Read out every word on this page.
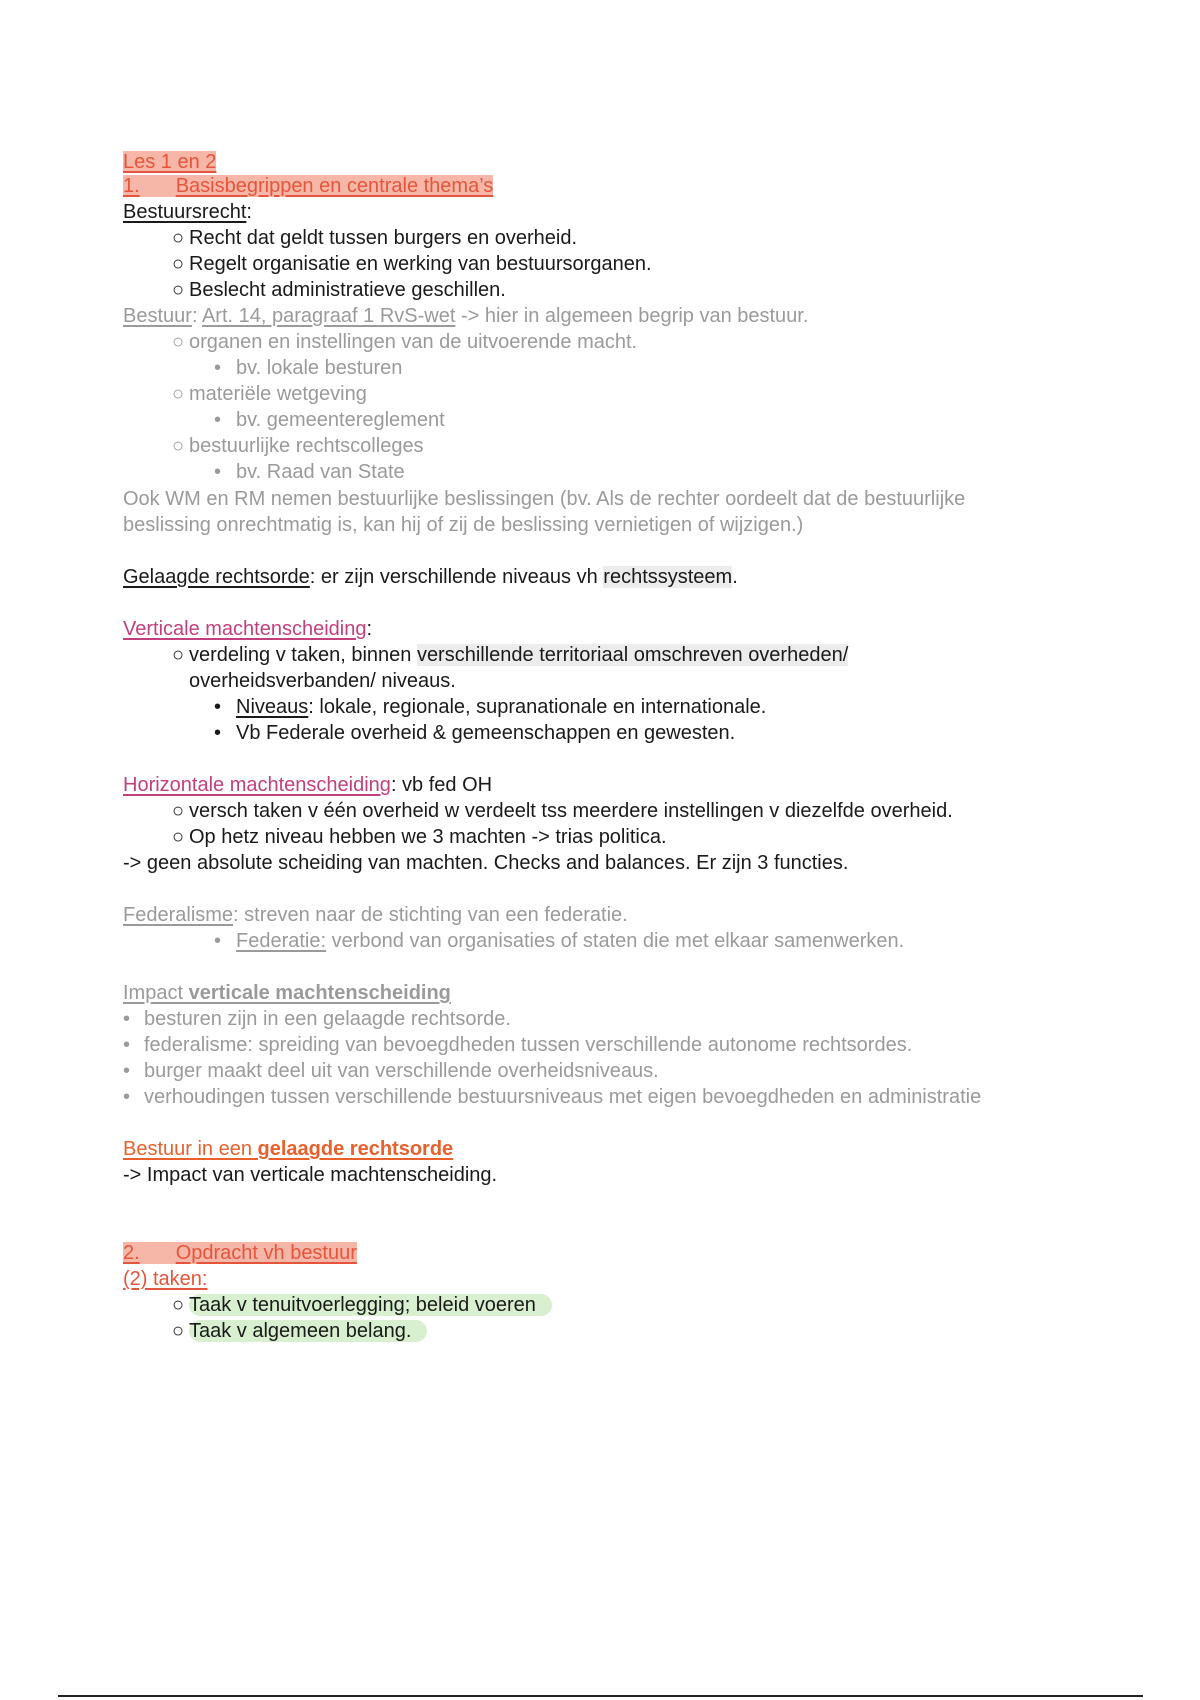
Les 1 en 2
1. Basisbegrippen en centrale thema’s
Bestuursrecht:
○ Recht dat geldt tussen burgers en overheid.
○ Regelt organisatie en werking van bestuursorganen.
○ Beslecht administratieve geschillen.
Bestuur: Art. 14, paragraaf 1 RvS-wet -> hier in algemeen begrip van bestuur.
○ organen en instellingen van de uitvoerende macht.
• bv. lokale besturen
○ materiële wetgeving
• bv. gemeentereglement
○ bestuurlijke rechtscolleges
• bv. Raad van State
Ook WM en RM nemen bestuurlijke beslissingen (bv. Als de rechter oordeelt dat de bestuurlijke
beslissing onrechtmatig is, kan hij of zij de beslissing vernietigen of wijzigen.)
Gelaagde rechtsorde: er zijn verschillende niveaus vh rechtssysteem.
Verticale machtenscheiding:
○ verdeling v taken, binnen verschillende territoriaal omschreven overheden/
overheidsverbanden/ niveaus.
• Niveaus: lokale, regionale, supranationale en internationale.
• Vb Federale overheid & gemeenschappen en gewesten.
Horizontale machtenscheiding: vb fed OH
○ versch taken v één overheid w verdeelt tss meerdere instellingen v diezelfde overheid.
○ Op hetz niveau hebben we 3 machten -> trias politica.
-> geen absolute scheiding van machten. Checks and balances. Er zijn 3 functies.
Federalisme: streven naar de stichting van een federatie.
• Federatie: verbond van organisaties of staten die met elkaar samenwerken.
Impact verticale machtenscheiding
• besturen zijn in een gelaagde rechtsorde.
• federalisme: spreiding van bevoegdheden tussen verschillende autonome rechtsordes.
• burger maakt deel uit van verschillende overheidsniveaus.
• verhoudingen tussen verschillende bestuursniveaus met eigen bevoegdheden en administratie
Bestuur in een gelaagde rechtsorde
-> Impact van verticale machtenscheiding.
2. Opdracht vh bestuur
(2) taken:
○ Taak v tenuitvoerlegging; beleid voeren
○ Taak v algemeen belang.
